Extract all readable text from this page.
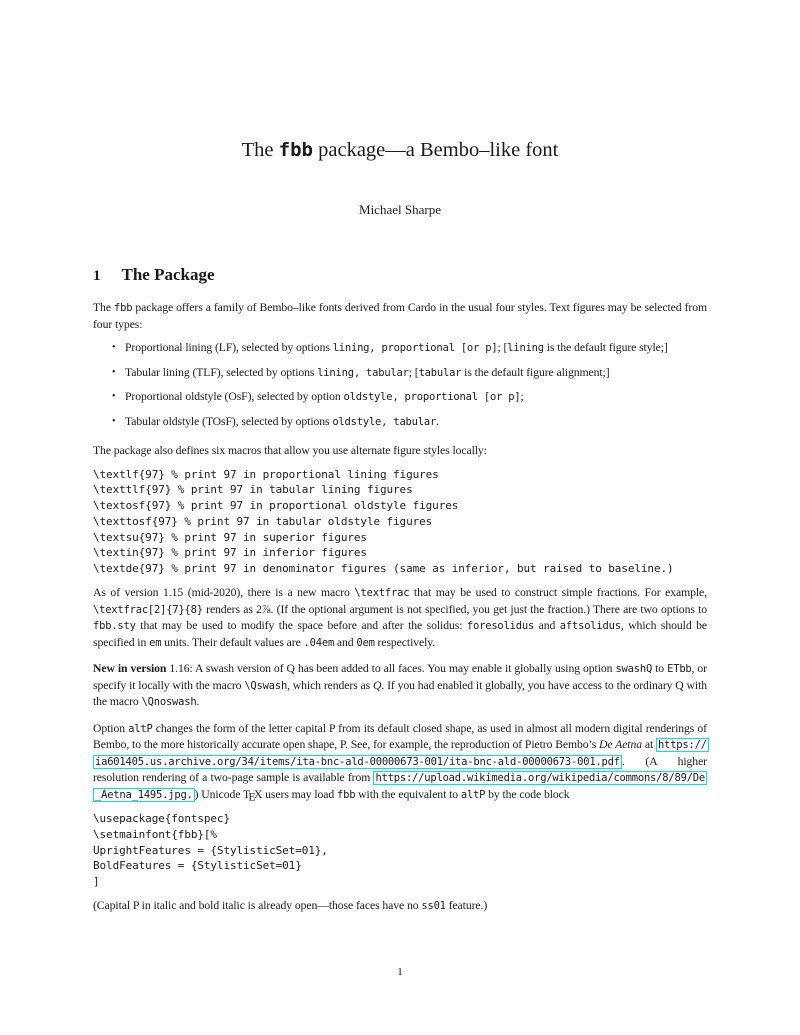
The fbb package—a Bembo–like font
Michael Sharpe
1 The Package

The fbb package offers a family of Bembo–like fonts derived from Cardo in the usual four styles. Text figures may be selected from four types:

• Proportional lining (LF), selected by options lining, proportional [or p]; [lining is the default figure style;]
• Tabular lining (TLF), selected by options lining, tabular; [tabular is the default figure alignment;]
• Proportional oldstyle (OsF), selected by option oldstyle, proportional [or p];
• Tabular oldstyle (TOsF), selected by options oldstyle, tabular.

The package also defines six macros that allow you use alternate figure styles locally:

\textlf{97} % print 97 in proportional lining figures
\texttlf{97} % print 97 in tabular lining figures
\textosf{97} % print 97 in proportional oldstyle figures
\texttosf{97} % print 97 in tabular oldstyle figures
\textsu{97} % print 97 in superior figures
\textin{97} % print 97 in inferior figures
\textde{97} % print 97 in denominator figures (same as inferior, but raised to baseline.)

As of version 1.15 (mid-2020), there is a new macro \textfrac that may be used to construct simple fractions. For example, \textfrac[2]{7}{8} renders as 2⅞. (If the optional argument is not specified, you get just the fraction.) There are two options to fbb.sty that may be used to modify the space before and after the solidus: foresolidus and aftsolidus, which should be specified in em units. Their default values are .04em and 0em respectively.

New in version 1.16: A swash version of Q has been added to all faces. You may enable it globally using option swashQ to ETbb, or specify it locally with the macro \Qswash, which renders as Q. If you had enabled it globally, you have access to the ordinary Q with the macro \Qnoswash.

Option altP changes the form of the letter capital P from its default closed shape, as used in almost all modern digital renderings of Bembo, to the more historically accurate open shape, P. See, for example, the reproduction of Pietro Bembo’s De Aetna at https://ia601405.us.archive.org/34/items/ita-bnc-ald-00000673-001/ita-bnc-ald-00000673-001.pdf . (A higher resolution rendering of a two-page sample is available from https://upload.wikimedia.org/wikipedia/commons/8/89/De_Aetna_1495.jpg. ) Unicode TEX users may load fbb with the equivalent to altP by the code block

\usepackage{fontspec}
\setmainfont{fbb}[%
UprightFeatures = {StylisticSet=01},
BoldFeatures = {StylisticSet=01}
]

(Capital P in italic and bold italic is already open—those faces have no ss01 feature.)

1
